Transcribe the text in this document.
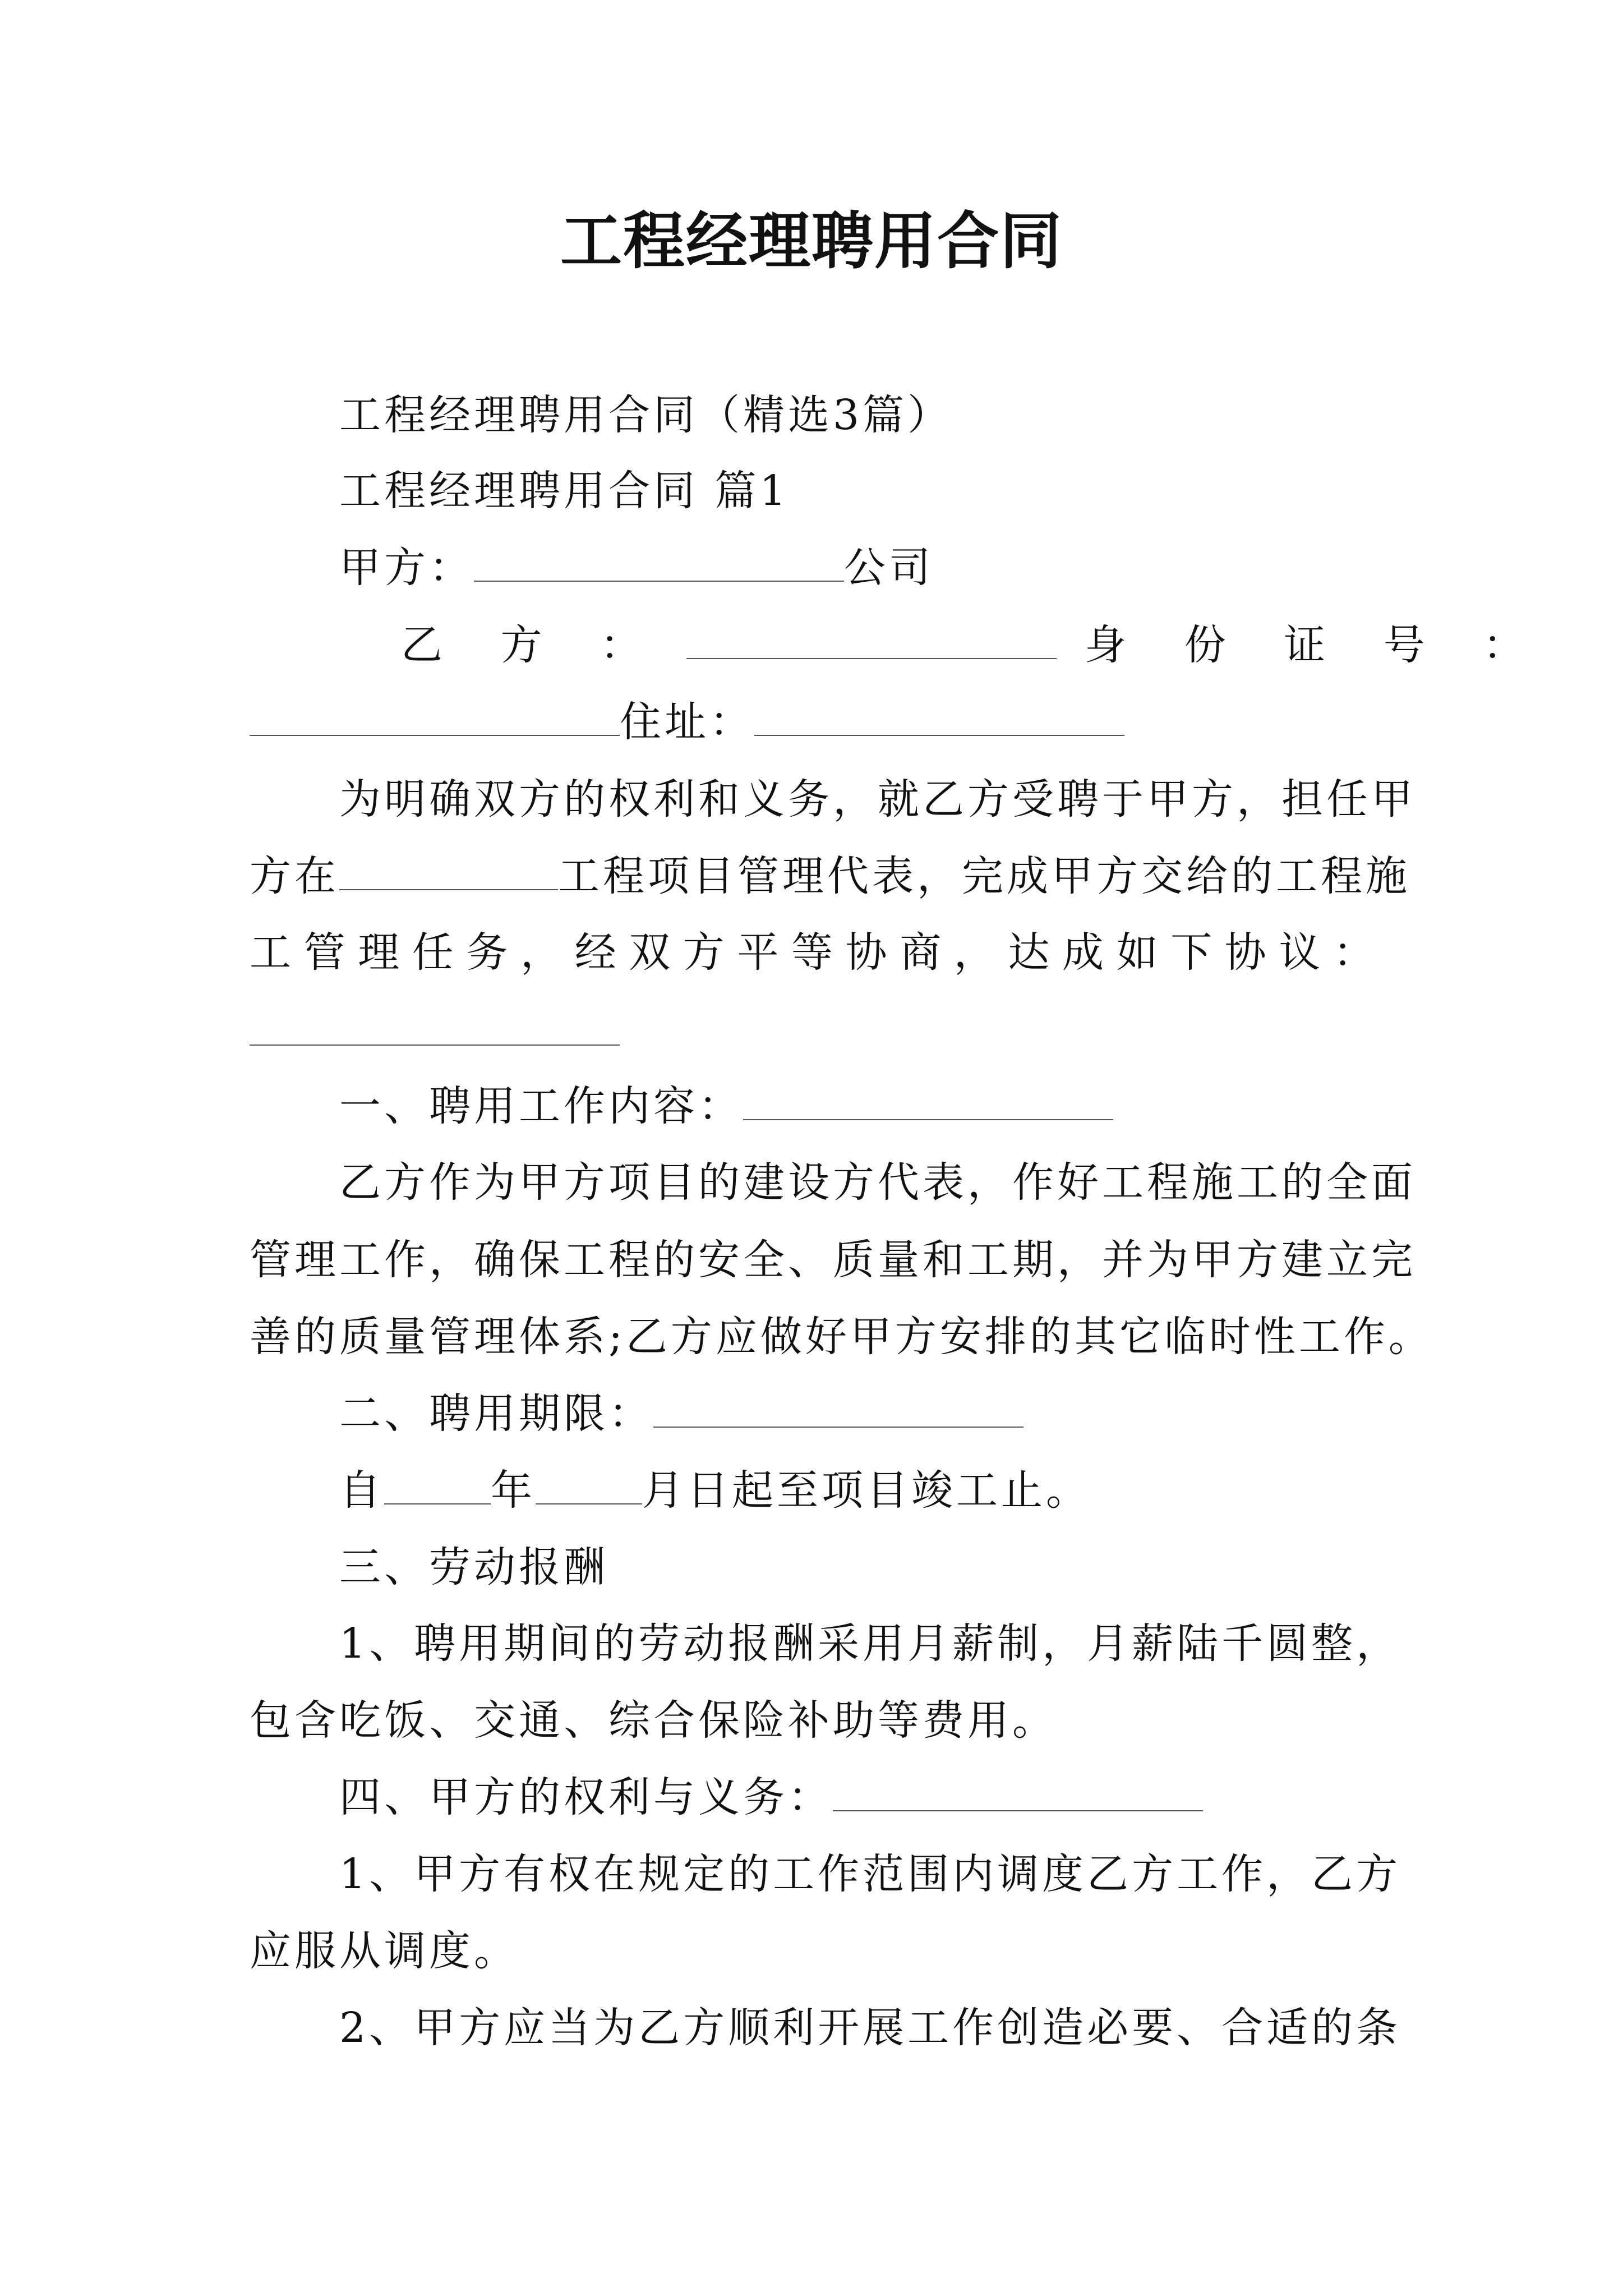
工程经理聘用合同

工程经理聘用合同（精选3篇）

工程经理聘用合同 篇1

甲方：	公司

乙 方 ：	身 份 证 号 ：

住址：

为明确双方的权利和义务，就乙方受聘于甲方，担任甲

方在	工程项目管理代表，完成甲方交给的工程施

工管理任务，经双方平等协商，达成如下协议：

一、聘用工作内容：

乙方作为甲方项目的建设方代表，作好工程施工的全面

管理工作，确保工程的安全、质量和工期，并为甲方建立完

善的质量管理体系;乙方应做好甲方安排的其它临时性工作。

二、聘用期限：

自	年	月日起至项目竣工止。

三、劳动报酬

1、聘用期间的劳动报酬采用月薪制，月薪陆千圆整，

包含吃饭、交通、综合保险补助等费用。

四、甲方的权利与义务：

1、甲方有权在规定的工作范围内调度乙方工作，乙方

应服从调度。

2、甲方应当为乙方顺利开展工作创造必要、合适的条
